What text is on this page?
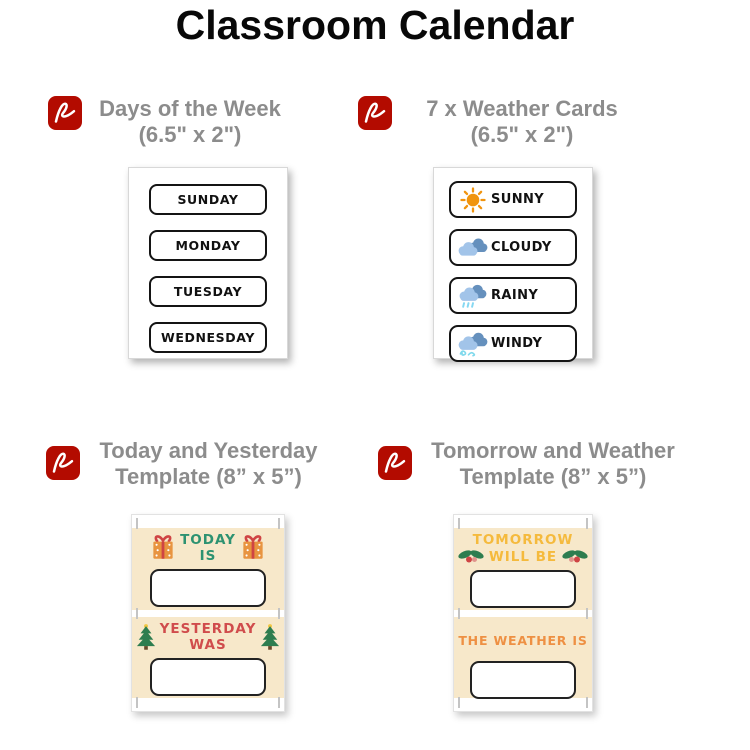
Classroom Calendar
Days of the Week
(6.5" x 2")
7 x Weather Cards
(6.5" x 2")
Today and Yesterday
Template (8” x 5”)
Tomorrow and Weather
Template (8” x 5”)
SUNDAY
MONDAY
TUESDAY
WEDNESDAY
SUNNY
CLOUDY
RAINY
WINDY
TODAY
IS
YESTERDAY
WAS
TOMORROW
WILL BE
THE WEATHER IS
